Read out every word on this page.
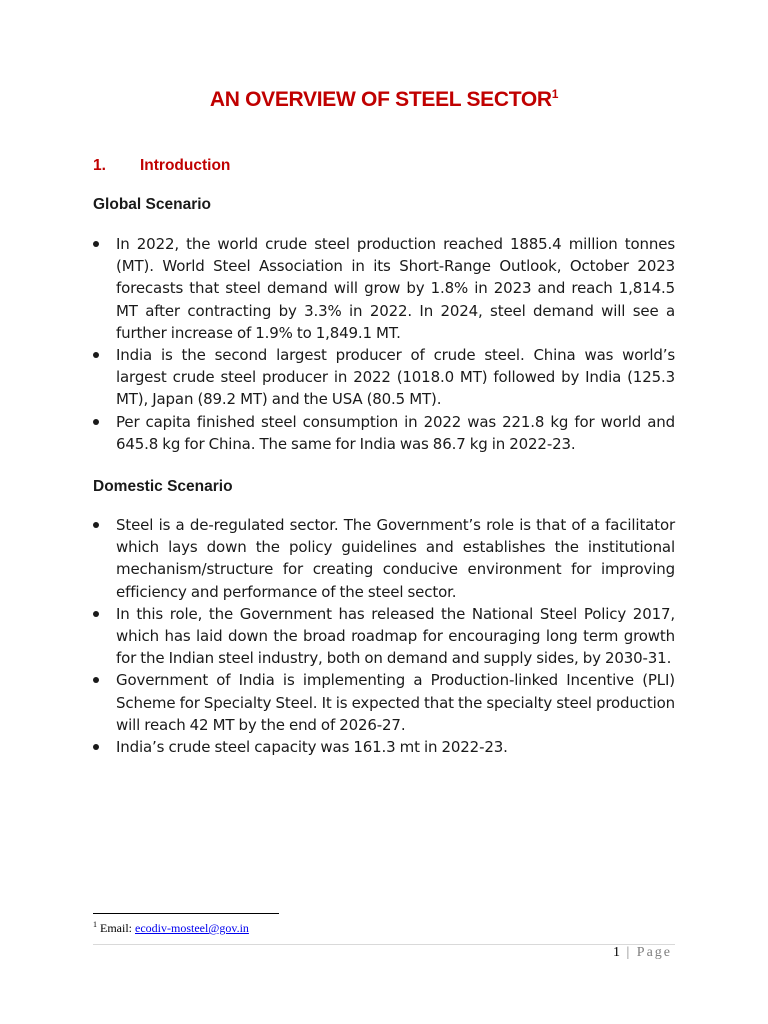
AN OVERVIEW OF STEEL SECTOR$^1$
1. Introduction
Global Scenario
In 2022, the world crude steel production reached 1885.4 million tonnes (MT). World Steel Association in its Short-Range Outlook, October 2023 forecasts that steel demand will grow by 1.8% in 2023 and reach 1,814.5 MT after contracting by 3.3% in 2022. In 2024, steel demand will see a further increase of 1.9% to 1,849.1 MT.
India is the second largest producer of crude steel. China was world’s largest crude steel producer in 2022 (1018.0 MT) followed by India (125.3 MT), Japan (89.2 MT) and the USA (80.5 MT).
Per capita finished steel consumption in 2022 was 221.8 kg for world and 645.8 kg for China. The same for India was 86.7 kg in 2022-23.
Domestic Scenario
Steel is a de-regulated sector. The Government’s role is that of a facilitator which lays down the policy guidelines and establishes the institutional mechanism/structure for creating conducive environment for improving efficiency and performance of the steel sector.
In this role, the Government has released the National Steel Policy 2017, which has laid down the broad roadmap for encouraging long term growth for the Indian steel industry, both on demand and supply sides, by 2030-31.
Government of India is implementing a Production-linked Incentive (PLI) Scheme for Specialty Steel. It is expected that the specialty steel production will reach 42 MT by the end of 2026-27.
India’s crude steel capacity was 161.3 mt in 2022-23.
$^1$ Email: ecodiv-mosteel@gov.in
1 | Page
